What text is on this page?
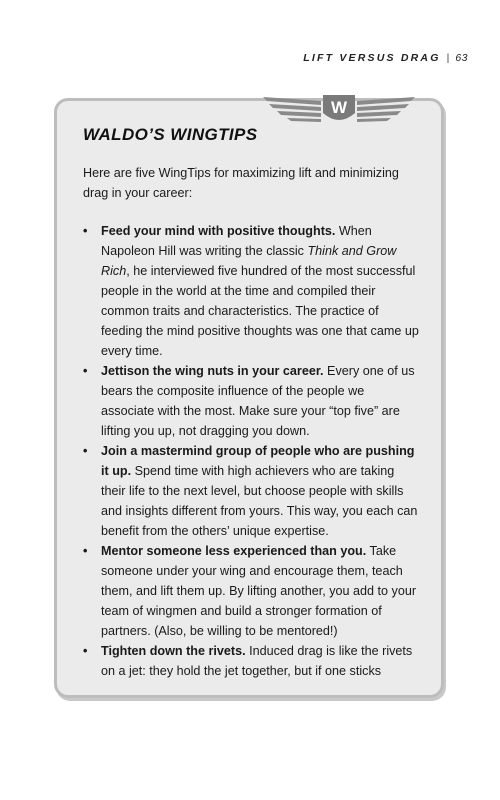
LIFT VERSUS DRAG | 63
W
WALDO’S WINGTIPS

Here are five WingTips for maximizing lift and minimizing drag in your career:

• Feed your mind with positive thoughts. When Napoleon Hill was writing the classic Think and Grow Rich, he interviewed five hundred of the most successful people in the world at the time and compiled their common traits and characteristics. The practice of feeding the mind positive thoughts was one that came up every time.
• Jettison the wing nuts in your career. Every one of us bears the composite influence of the people we associate with the most. Make sure your “top five” are lifting you up, not dragging you down.
• Join a mastermind group of people who are pushing it up. Spend time with high achievers who are taking their life to the next level, but choose people with skills and insights different from yours. This way, you each can benefit from the others’ unique expertise.
• Mentor someone less experienced than you. Take someone under your wing and encourage them, teach them, and lift them up. By lifting another, you add to your team of wingmen and build a stronger formation of partners. (Also, be willing to be mentored!)
• Tighten down the rivets. Induced drag is like the rivets on a jet: they hold the jet together, but if one sticks
